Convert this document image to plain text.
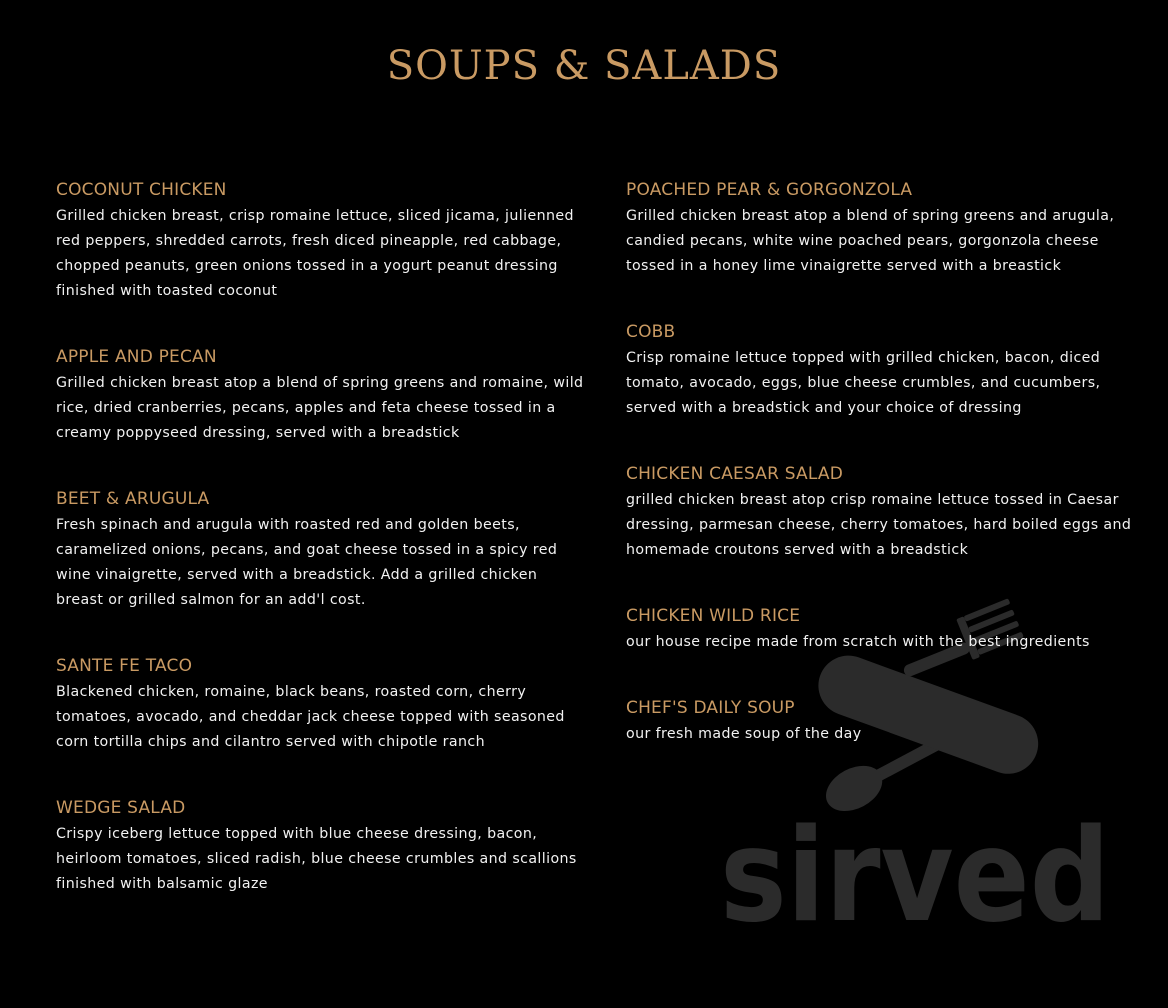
sirved
SOUPS & SALADS
COCONUT CHICKEN
Grilled chicken breast, crisp romaine lettuce, sliced jicama, julienned red peppers, shredded carrots, fresh diced pineapple, red cabbage, chopped peanuts, green onions tossed in a yogurt peanut dressing finished with toasted coconut
APPLE AND PECAN
Grilled chicken breast atop a blend of spring greens and romaine, wild rice, dried cranberries, pecans, apples and feta cheese tossed in a creamy poppyseed dressing, served with a breadstick
BEET & ARUGULA
Fresh spinach and arugula with roasted red and golden beets, caramelized onions, pecans, and goat cheese tossed in a spicy red wine vinaigrette, served with a breadstick. Add a grilled chicken breast or grilled salmon for an add'l cost.
SANTE FE TACO
Blackened chicken, romaine, black beans, roasted corn, cherry tomatoes, avocado, and cheddar jack cheese topped with seasoned corn tortilla chips and cilantro served with chipotle ranch
WEDGE SALAD
Crispy iceberg lettuce topped with blue cheese dressing, bacon, heirloom tomatoes, sliced radish, blue cheese crumbles and scallions finished with balsamic glaze
POACHED PEAR & GORGONZOLA
Grilled chicken breast atop a blend of spring greens and arugula, candied pecans, white wine poached pears, gorgonzola cheese tossed in a honey lime vinaigrette served with a breastick
COBB
Crisp romaine lettuce topped with grilled chicken, bacon, diced tomato, avocado, eggs, blue cheese crumbles, and cucumbers, served with a breadstick and your choice of dressing
CHICKEN CAESAR SALAD
grilled chicken breast atop crisp romaine lettuce tossed in Caesar dressing, parmesan cheese, cherry tomatoes, hard boiled eggs and homemade croutons served with a breadstick
CHICKEN WILD RICE
our house recipe made from scratch with the best ingredients
CHEF'S DAILY SOUP
our fresh made soup of the day
